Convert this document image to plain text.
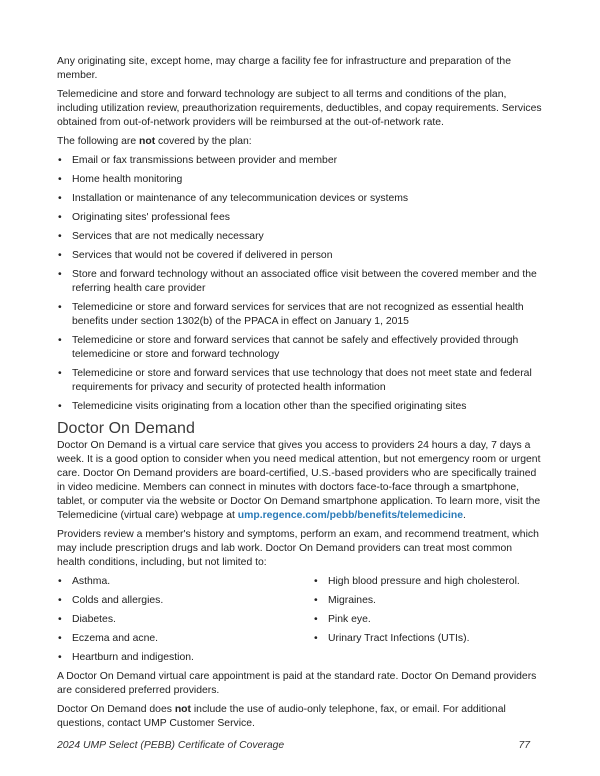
Any originating site, except home, may charge a facility fee for infrastructure and preparation of the member.

Telemedicine and store and forward technology are subject to all terms and conditions of the plan, including utilization review, preauthorization requirements, deductibles, and copay requirements. Services obtained from out-of-network providers will be reimbursed at the out-of-network rate.

The following are not covered by the plan:

• Email or fax transmissions between provider and member
• Home health monitoring
• Installation or maintenance of any telecommunication devices or systems
• Originating sites' professional fees
• Services that are not medically necessary
• Services that would not be covered if delivered in person
• Store and forward technology without an associated office visit between the covered member and the referring health care provider
• Telemedicine or store and forward services for services that are not recognized as essential health benefits under section 1302(b) of the PPACA in effect on January 1, 2015
• Telemedicine or store and forward services that cannot be safely and effectively provided through telemedicine or store and forward technology
• Telemedicine or store and forward services that use technology that does not meet state and federal requirements for privacy and security of protected health information
• Telemedicine visits originating from a location other than the specified originating sites
Doctor On Demand

Doctor On Demand is a virtual care service that gives you access to providers 24 hours a day, 7 days a week. It is a good option to consider when you need medical attention, but not emergency room or urgent care. Doctor On Demand providers are board-certified, U.S.-based providers who are specifically trained in video medicine. Members can connect in minutes with doctors face-to-face through a smartphone, tablet, or computer via the website or Doctor On Demand smartphone application. To learn more, visit the Telemedicine (virtual care) webpage at ump.regence.com/pebb/benefits/telemedicine.

Providers review a member's history and symptoms, perform an exam, and recommend treatment, which may include prescription drugs and lab work. Doctor On Demand providers can treat most common health conditions, including, but not limited to:

• Asthma.	• High blood pressure and high cholesterol.
• Colds and allergies.	• Migraines.
• Diabetes.	• Pink eye.
• Eczema and acne.	• Urinary Tract Infections (UTIs).
• Heartburn and indigestion.

A Doctor On Demand virtual care appointment is paid at the standard rate. Doctor On Demand providers are considered preferred providers.

Doctor On Demand does not include the use of audio-only telephone, fax, or email. For additional questions, contact UMP Customer Service.

2024 UMP Select (PEBB) Certificate of Coverage	77
